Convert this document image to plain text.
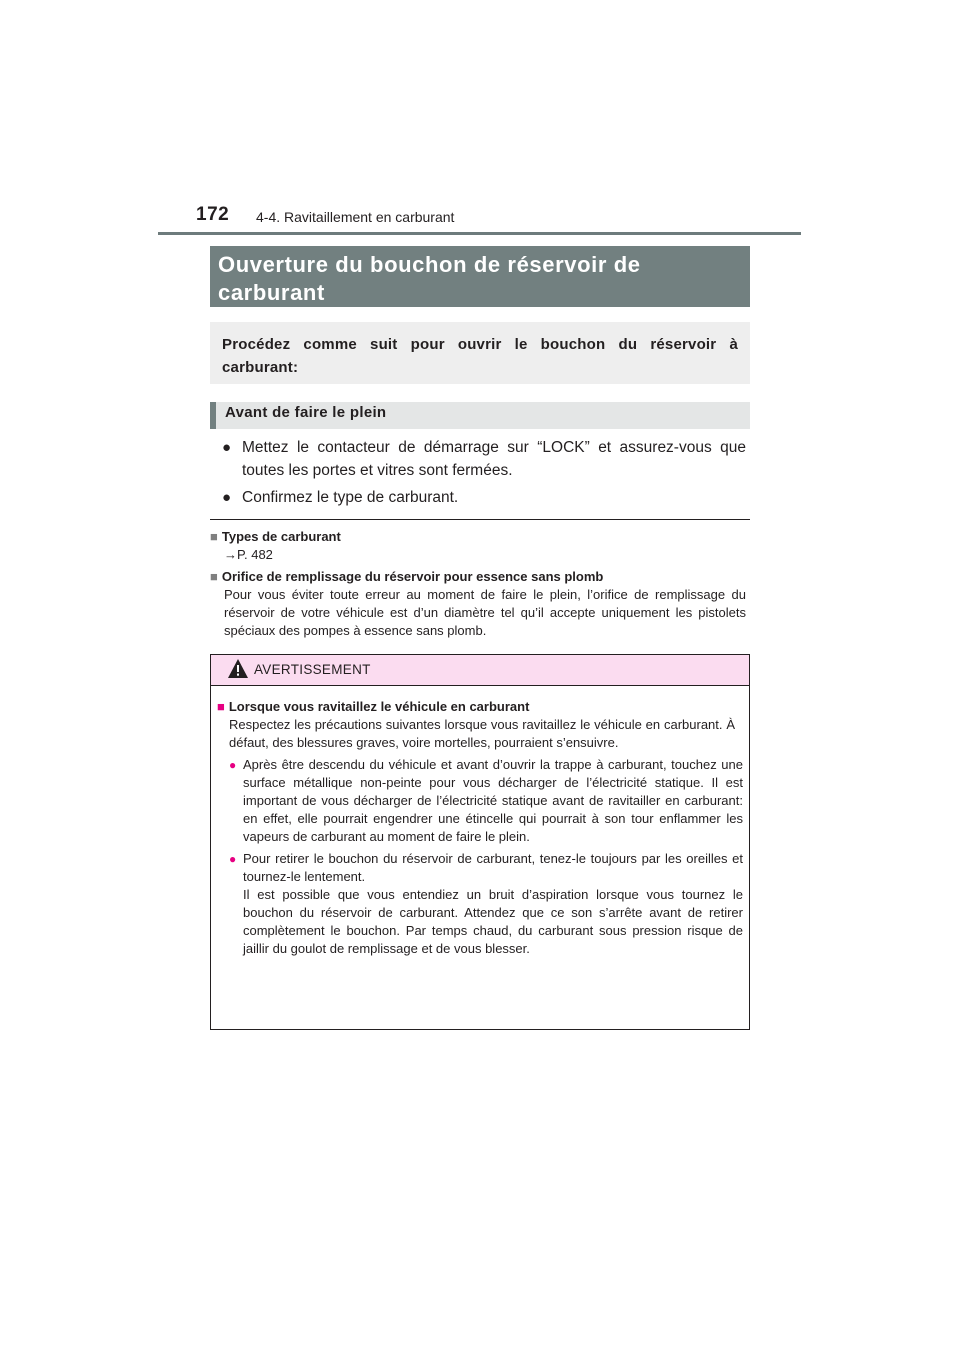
172 4-4. Ravitaillement en carburant
Ouverture du bouchon de réservoir de
carburant
Procédez comme suit pour ouvrir le bouchon du réservoir à carburant:
Avant de faire le plein
● Mettez le contacteur de démarrage sur “LOCK” et assurez-vous que toutes les portes et vitres sont fermées.
● Confirmez le type de carburant.
■ Types de carburant
→P. 482
■ Orifice de remplissage du réservoir pour essence sans plomb
Pour vous éviter toute erreur au moment de faire le plein, l’orifice de remplissage du réservoir de votre véhicule est d’un diamètre tel qu’il accepte uniquement les pistolets spéciaux des pompes à essence sans plomb.
AVERTISSEMENT
■ Lorsque vous ravitaillez le véhicule en carburant
Respectez les précautions suivantes lorsque vous ravitaillez le véhicule en carburant. À défaut, des blessures graves, voire mortelles, pourraient s’ensuivre.
● Après être descendu du véhicule et avant d’ouvrir la trappe à carburant, touchez une surface métallique non-peinte pour vous décharger de l’électricité statique. Il est important de vous décharger de l’électricité statique avant de ravitailler en carburant: en effet, elle pourrait engendrer une étincelle qui pourrait à son tour enflammer les vapeurs de carburant au moment de faire le plein.

● Pour retirer le bouchon du réservoir de carburant, tenez-le toujours par les oreilles et tournez-le lentement.

Il est possible que vous entendiez un bruit d’aspiration lorsque vous tournez le bouchon du réservoir de carburant. Attendez que ce son s’arrête avant de retirer complètement le bouchon. Par temps chaud, du carburant sous pression risque de jaillir du goulot de remplissage et de vous blesser.
